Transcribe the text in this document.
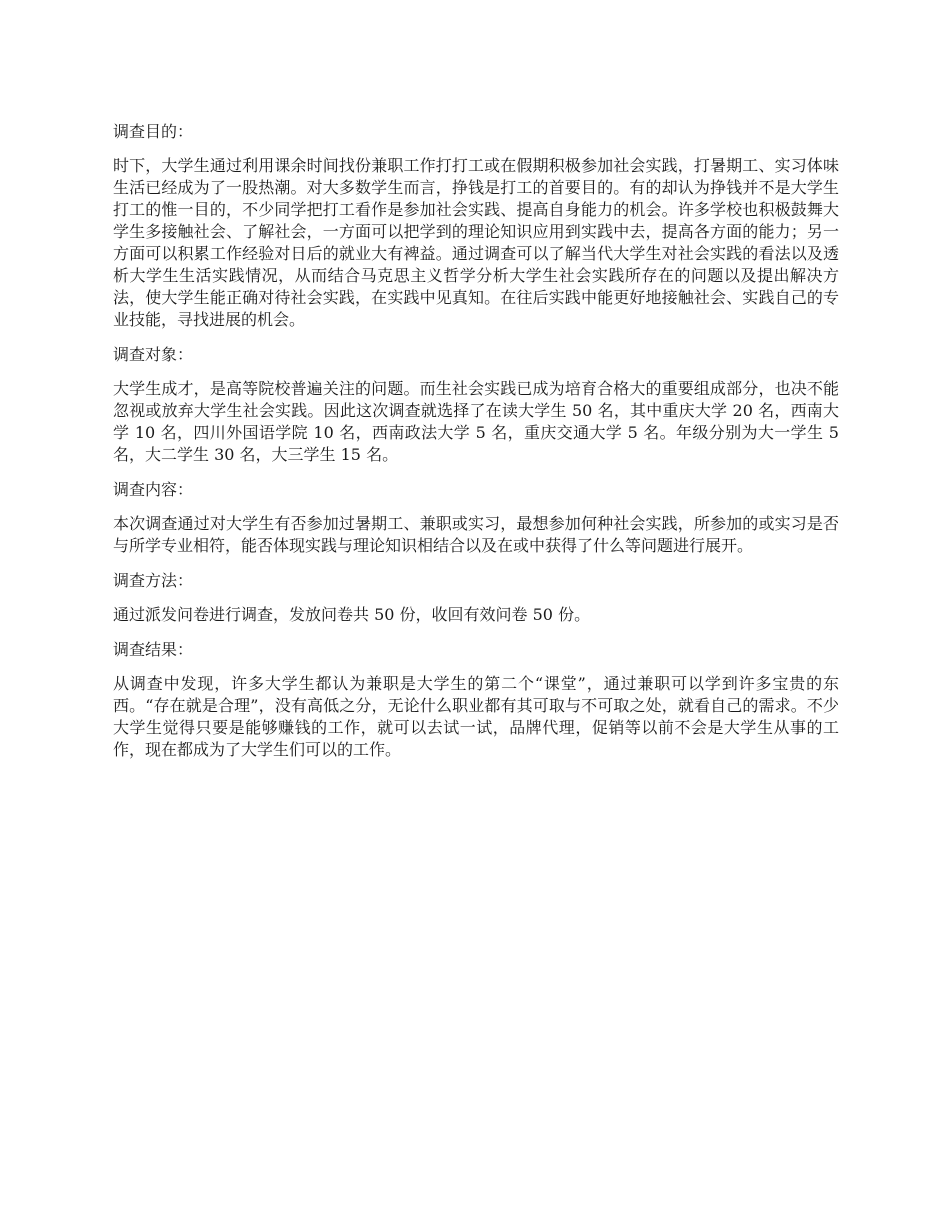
调查目的：

时下，大学生通过利用课余时间找份兼职工作打打工或在假期积极参加社会实践，打暑期工、实习体味生活已经成为了一股热潮。对大多数学生而言，挣钱是打工的首要目的。有的却认为挣钱并不是大学生打工的惟一目的，不少同学把打工看作是参加社会实践、提高自身能力的机会。许多学校也积极鼓舞大学生多接触社会、了解社会，一方面可以把学到的理论知识应用到实践中去，提高各方面的能力；另一方面可以积累工作经验对日后的就业大有裨益。通过调查可以了解当代大学生对社会实践的看法以及透析大学生生活实践情况，从而结合马克思主义哲学分析大学生社会实践所存在的问题以及提出解决方法，使大学生能正确对待社会实践，在实践中见真知。在往后实践中能更好地接触社会、实践自己的专业技能，寻找进展的机会。

调查对象：

大学生成才，是高等院校普遍关注的问题。而生社会实践已成为培育合格大的重要组成部分，也决不能忽视或放弃大学生社会实践。因此这次调查就选择了在读大学生 50 名，其中重庆大学 20 名，西南大学 10 名，四川外国语学院 10 名，西南政法大学 5 名，重庆交通大学 5 名。年级分别为大一学生 5 名，大二学生 30 名，大三学生 15 名。

调查内容：

本次调查通过对大学生有否参加过暑期工、兼职或实习，最想参加何种社会实践，所参加的或实习是否与所学专业相符，能否体现实践与理论知识相结合以及在或中获得了什么等问题进行展开。

调查方法：

通过派发问卷进行调查，发放问卷共 50 份，收回有效问卷 50 份。

调查结果：

从调查中发现，许多大学生都认为兼职是大学生的第二个“课堂”，通过兼职可以学到许多宝贵的东西。“存在就是合理”，没有高低之分，无论什么职业都有其可取与不可取之处，就看自己的需求。不少大学生觉得只要是能够赚钱的工作，就可以去试一试，品牌代理，促销等以前不会是大学生从事的工作，现在都成为了大学生们可以的工作。
